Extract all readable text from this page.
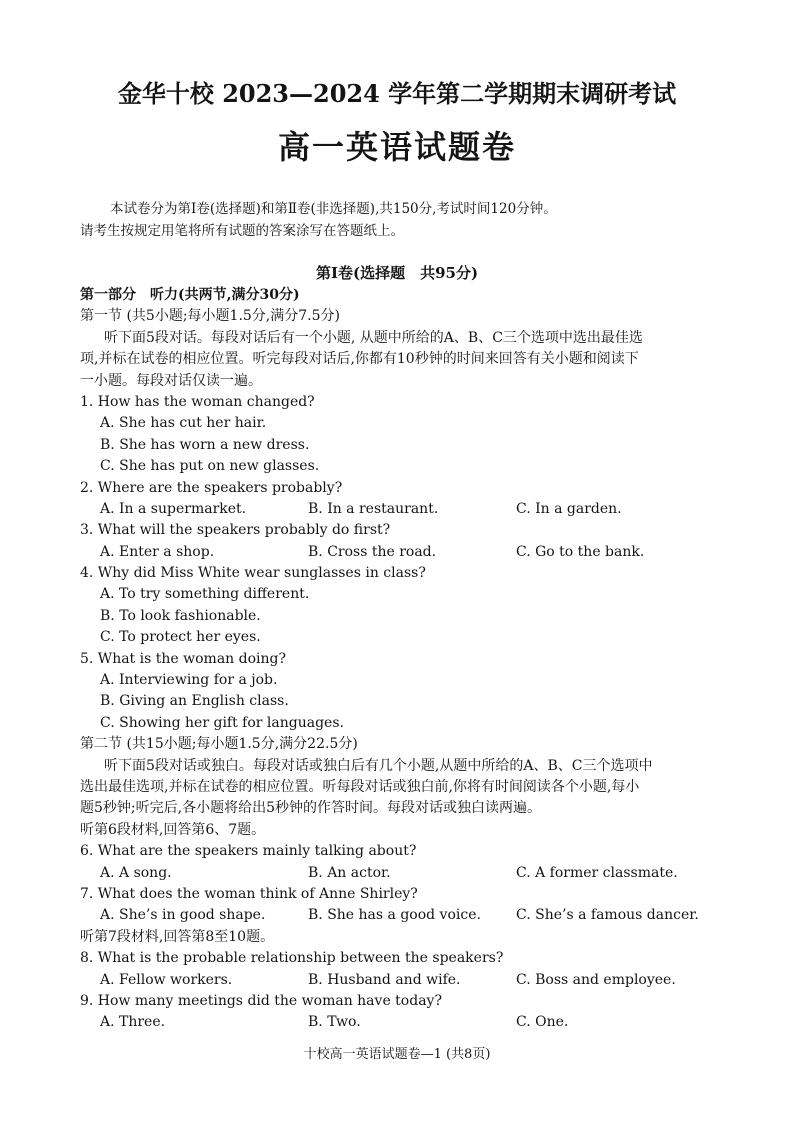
金华十校 2023—2024 学年第二学期期末调研考试
高一英语试题卷

本试卷分为第Ⅰ卷(选择题)和第Ⅱ卷(非选择题),共150分,考试时间120分钟。

请考生按规定用笔将所有试题的答案涂写在答题纸上。

第Ⅰ卷(选择题　共95分)
第一部分　听力(共两节,满分30分)
第一节 (共5小题;每小题1.5分,满分7.5分)
听下面5段对话。每段对话后有一个小题, 从题中所给的A、B、C三个选项中选出最佳选
项,并标在试卷的相应位置。听完每段对话后,你都有10秒钟的时间来回答有关小题和阅读下
一小题。每段对话仅读一遍。
1. How has the woman changed?
A. She has cut her hair.
B. She has worn a new dress.
C. She has put on new glasses.
2. Where are the speakers probably?
A. In a supermarket.	B. In a restaurant.	C. In a garden.
3. What will the speakers probably do first?
A. Enter a shop.	B. Cross the road.	C. Go to the bank.
4. Why did Miss White wear sunglasses in class?
A. To try something different.
B. To look fashionable.
C. To protect her eyes.
5. What is the woman doing?
A. Interviewing for a job.
B. Giving an English class.
C. Showing her gift for languages.
第二节 (共15小题;每小题1.5分,满分22.5分)
听下面5段对话或独白。每段对话或独白后有几个小题,从题中所给的A、B、C三个选项中
选出最佳选项,并标在试卷的相应位置。听每段对话或独白前,你将有时间阅读各个小题,每小
题5秒钟;听完后,各小题将给出5秒钟的作答时间。每段对话或独白读两遍。
听第6段材料,回答第6、7题。
6. What are the speakers mainly talking about?
A. A song.	B. An actor.	C. A former classmate.
7. What does the woman think of Anne Shirley?
A. She’s in good shape.	B. She has a good voice.	C. She’s a famous dancer.
听第7段材料,回答第8至10题。
8. What is the probable relationship between the speakers?
A. Fellow workers.	B. Husband and wife.	C. Boss and employee.
9. How many meetings did the woman have today?
A. Three.	B. Two.	C. One.
十校高一英语试题卷—1 (共8页)
